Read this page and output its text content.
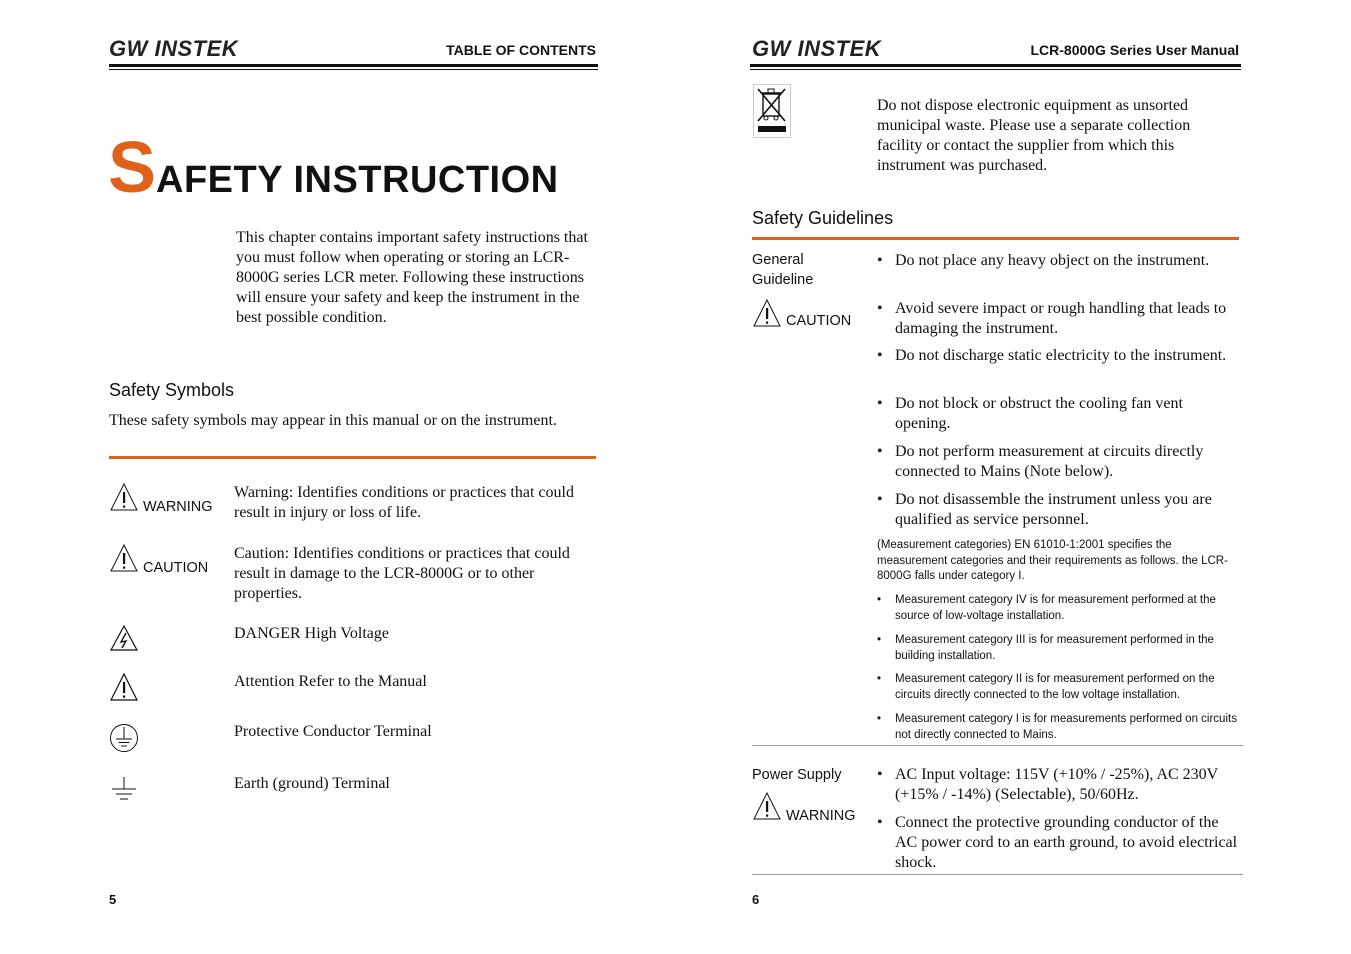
GW INSTEK	TABLE OF CONTENTS
SAFETY INSTRUCTION
This chapter contains important safety instructions that you must follow when operating or storing an LCR-8000G series LCR meter. Following these instructions will ensure your safety and keep the instrument in the best possible condition.
Safety Symbols
These safety symbols may appear in this manual or on the instrument.
WARNING
Warning: Identifies conditions or practices that could result in injury or loss of life.
CAUTION
Caution: Identifies conditions or practices that could result in damage to the LCR-8000G or to other properties.
DANGER High Voltage
Attention Refer to the Manual
Protective Conductor Terminal
Earth (ground) Terminal
5
GW INSTEK	LCR-8000G Series User Manual
Do not dispose electronic equipment as unsorted municipal waste. Please use a separate collection facility or contact the supplier from which this instrument was purchased.
Safety Guidelines
General
Guideline
CAUTION
• Do not place any heavy object on the instrument.
• Avoid severe impact or rough handling that leads to damaging the instrument.
• Do not discharge static electricity to the instrument.
• Do not block or obstruct the cooling fan vent opening.
• Do not perform measurement at circuits directly connected to Mains (Note below).
• Do not disassemble the instrument unless you are qualified as service personnel.
(Measurement categories) EN 61010-1:2001 specifies the measurement categories and their requirements as follows. the LCR-8000G falls under category I.
• Measurement category IV is for measurement performed at the source of low-voltage installation.
• Measurement category III is for measurement performed in the building installation.
• Measurement category II is for measurement performed on the circuits directly connected to the low voltage installation.
• Measurement category I is for measurements performed on circuits not directly connected to Mains.
Power Supply
WARNING
• AC Input voltage: 115V (+10% / -25%), AC 230V (+15% / -14%) (Selectable), 50/60Hz.
• Connect the protective grounding conductor of the AC power cord to an earth ground, to avoid electrical shock.
6
